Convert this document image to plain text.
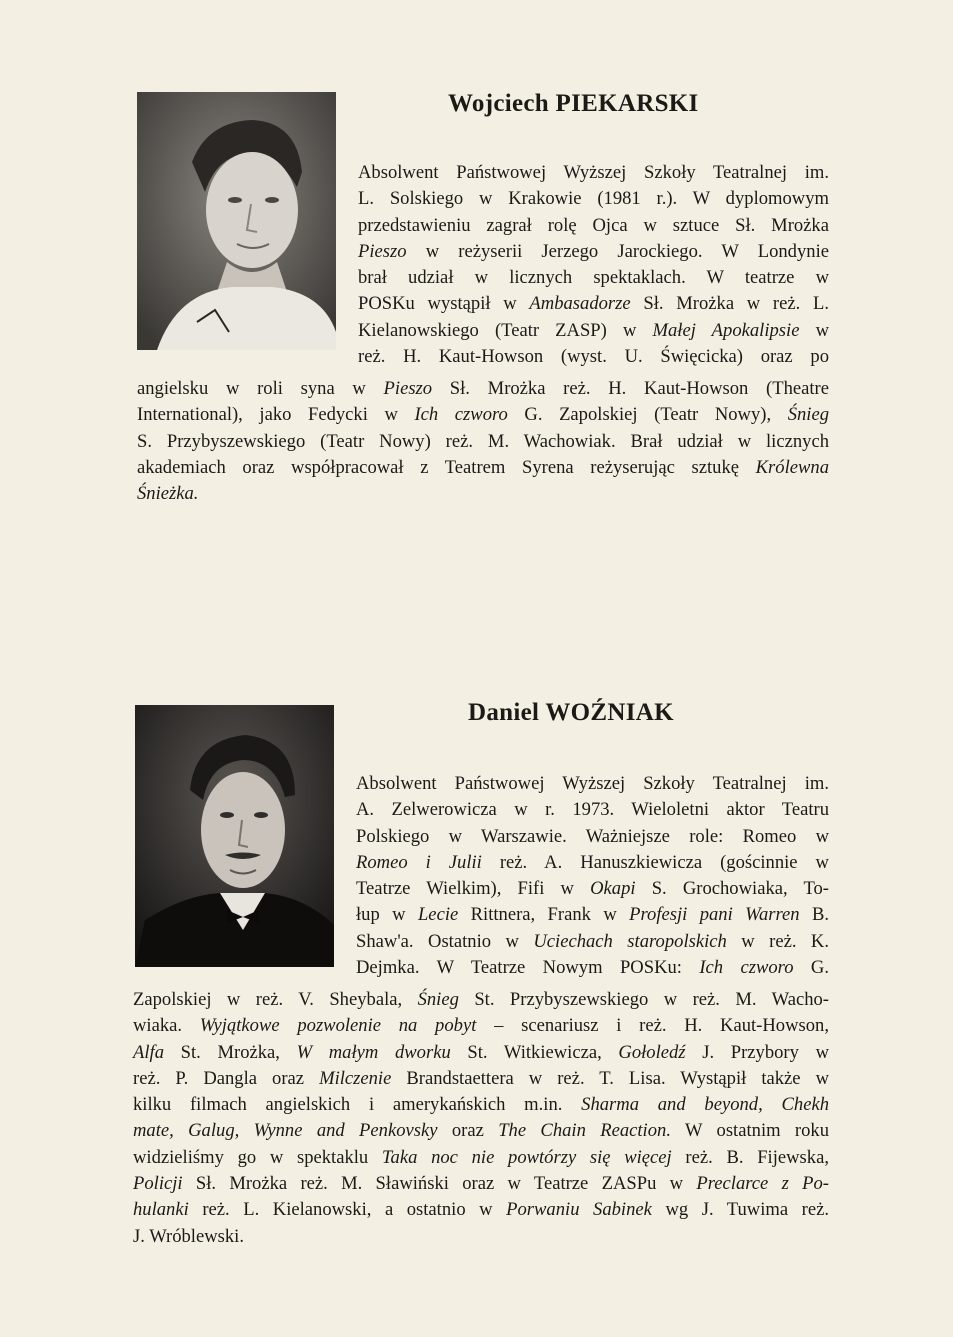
Wojciech PIEKARSKI
Absolwent Państwowej Wyższej Szkoły Teatralnej im.
L. Solskiego w Krakowie (1981 r.). W dyplomowym
przedstawieniu zagrał rolę Ojca w sztuce Sł. Mrożka
Pieszo w reżyserii Jerzego Jarockiego. W Londynie
brał udział w licznych spektaklach. W teatrze w
POSKu wystąpił w Ambasadorze Sł. Mrożka w reż. L.
Kielanowskiego (Teatr ZASP) w Małej Apokalipsie w
reż. H. Kaut-Howson (wyst. U. Święcicka) oraz po
angielsku w roli syna w Pieszo Sł. Mrożka reż. H. Kaut-Howson (Theatre
International), jako Fedycki w Ich czworo G. Zapolskiej (Teatr Nowy), Śnieg
S. Przybyszewskiego (Teatr Nowy) reż. M. Wachowiak. Brał udział w licznych
akademiach oraz współpracował z Teatrem Syrena reżyserując sztukę Królewna
Śnieżka.
Daniel WOŹNIAK
Absolwent Państwowej Wyższej Szkoły Teatralnej im.
A. Zelwerowicza w r. 1973. Wieloletni aktor Teatru
Polskiego w Warszawie. Ważniejsze role: Romeo w
Romeo i Julii reż. A. Hanuszkiewicza (gościnnie w
Teatrze Wielkim), Fifi w Okapi S. Grochowiaka, To-
łup w Lecie Rittnera, Frank w Profesji pani Warren B.
Shaw'a. Ostatnio w Uciechach staropolskich w reż. K.
Dejmka. W Teatrze Nowym POSKu: Ich czworo G.
Zapolskiej w reż. V. Sheybala, Śnieg St. Przybyszewskiego w reż. M. Wacho-
wiaka. Wyjątkowe pozwolenie na pobyt – scenariusz i reż. H. Kaut-Howson,
Alfa St. Mrożka, W małym dworku St. Witkiewicza, Gołoledź J. Przybory w
reż. P. Dangla oraz Milczenie Brandstaettera w reż. T. Lisa. Wystąpił także w
kilku filmach angielskich i amerykańskich m.in. Sharma and beyond, Chekh
mate, Galug, Wynne and Penkovsky oraz The Chain Reaction. W ostatnim roku
widzieliśmy go w spektaklu Taka noc nie powtórzy się więcej reż. B. Fijewska,
Policji Sł. Mrożka reż. M. Sławiński oraz w Teatrze ZASPu w Preclarce z Po-
hulanki reż. L. Kielanowski, a ostatnio w Porwaniu Sabinek wg J. Tuwima reż.
J. Wróblewski.
